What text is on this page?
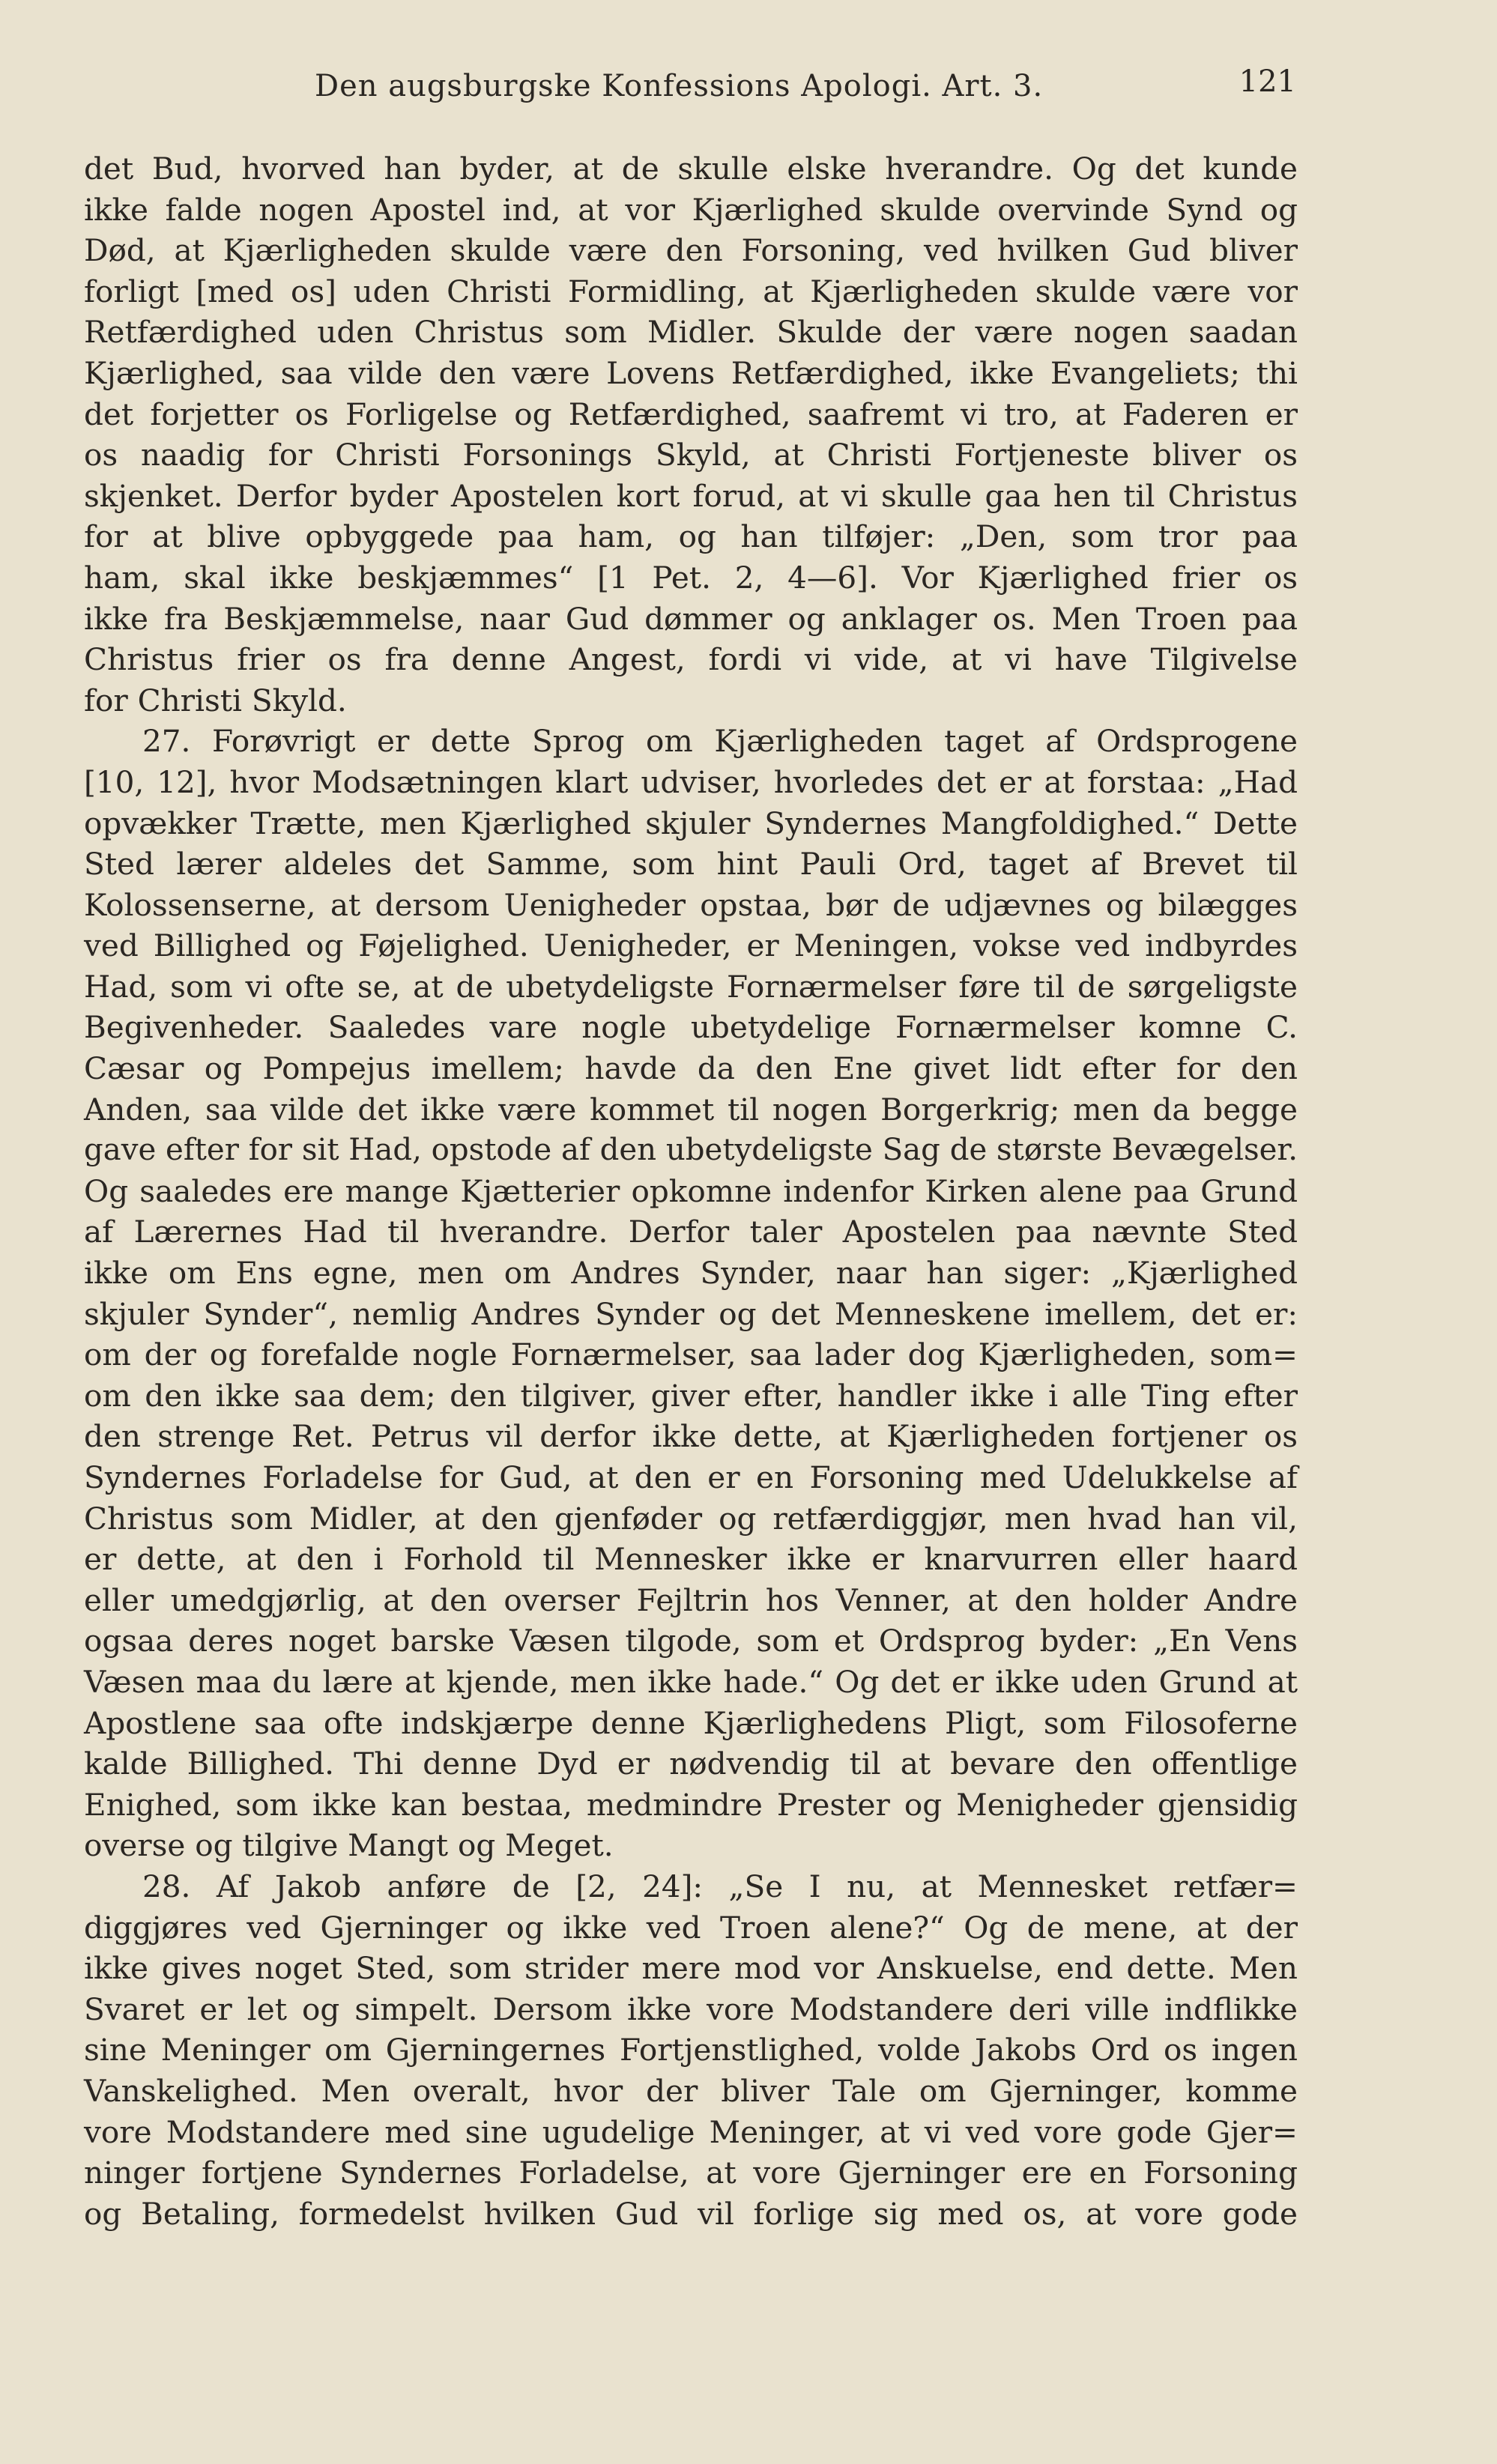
Den augsburgske Konfessions Apologi. Art. 3.	121
det Bud, hvorved han byder, at de skulle elske hverandre. Og det kunde
ikke falde nogen Apostel ind, at vor Kjærlighed skulde overvinde Synd og
Død, at Kjærligheden skulde være den Forsoning, ved hvilken Gud bliver
forligt [med os] uden Christi Formidling, at Kjærligheden skulde være vor
Retfærdighed uden Christus som Midler. Skulde der være nogen saadan
Kjærlighed, saa vilde den være Lovens Retfærdighed, ikke Evangeliets; thi
det forjetter os Forligelse og Retfærdighed, saafremt vi tro, at Faderen er
os naadig for Christi Forsonings Skyld, at Christi Fortjeneste bliver os
skjenket. Derfor byder Apostelen kort forud, at vi skulle gaa hen til Christus
for at blive opbyggede paa ham, og han tilføjer: „Den, som tror paa
ham, skal ikke beskjæmmes“ [1 Pet. 2, 4—6]. Vor Kjærlighed frier os
ikke fra Beskjæmmelse, naar Gud dømmer og anklager os. Men Troen paa
Christus frier os fra denne Angest, fordi vi vide, at vi have Tilgivelse
for Christi Skyld.
27. Forøvrigt er dette Sprog om Kjærligheden taget af Ordsprogene
[10, 12], hvor Modsætningen klart udviser, hvorledes det er at forstaa: „Had
opvækker Trætte, men Kjærlighed skjuler Syndernes Mangfoldighed.“ Dette
Sted lærer aldeles det Samme, som hint Pauli Ord, taget af Brevet til
Kolossenserne, at dersom Uenigheder opstaa, bør de udjævnes og bilægges
ved Billighed og Føjelighed. Uenigheder, er Meningen, vokse ved indbyrdes
Had, som vi ofte se, at de ubetydeligste Fornærmelser føre til de sørgeligste
Begivenheder. Saaledes vare nogle ubetydelige Fornærmelser komne C.
Cæsar og Pompejus imellem; havde da den Ene givet lidt efter for den
Anden, saa vilde det ikke være kommet til nogen Borgerkrig; men da begge
gave efter for sit Had, opstode af den ubetydeligste Sag de største Bevægelser.
Og saaledes ere mange Kjætterier opkomne indenfor Kirken alene paa Grund
af Lærernes Had til hverandre. Derfor taler Apostelen paa nævnte Sted
ikke om Ens egne, men om Andres Synder, naar han siger: „Kjærlighed
skjuler Synder“, nemlig Andres Synder og det Menneskene imellem, det er:
om der og forefalde nogle Fornærmelser, saa lader dog Kjærligheden, som=
om den ikke saa dem; den tilgiver, giver efter, handler ikke i alle Ting efter
den strenge Ret. Petrus vil derfor ikke dette, at Kjærligheden fortjener os
Syndernes Forladelse for Gud, at den er en Forsoning med Udelukkelse af
Christus som Midler, at den gjenføder og retfærdiggjør, men hvad han vil,
er dette, at den i Forhold til Mennesker ikke er knarvurren eller haard
eller umedgjørlig, at den overser Fejltrin hos Venner, at den holder Andre
ogsaa deres noget barske Væsen tilgode, som et Ordsprog byder: „En Vens
Væsen maa du lære at kjende, men ikke hade.“ Og det er ikke uden Grund at
Apostlene saa ofte indskjærpe denne Kjærlighedens Pligt, som Filosoferne
kalde Billighed. Thi denne Dyd er nødvendig til at bevare den offentlige
Enighed, som ikke kan bestaa, medmindre Prester og Menigheder gjensidig
overse og tilgive Mangt og Meget.
28. Af Jakob anføre de [2, 24]: „Se I nu, at Mennesket retfær=
diggjøres ved Gjerninger og ikke ved Troen alene?“ Og de mene, at der
ikke gives noget Sted, som strider mere mod vor Anskuelse, end dette. Men
Svaret er let og simpelt. Dersom ikke vore Modstandere deri ville indflikke
sine Meninger om Gjerningernes Fortjenstlighed, volde Jakobs Ord os ingen
Vanskelighed. Men overalt, hvor der bliver Tale om Gjerninger, komme
vore Modstandere med sine ugudelige Meninger, at vi ved vore gode Gjer=
ninger fortjene Syndernes Forladelse, at vore Gjerninger ere en Forsoning
og Betaling, formedelst hvilken Gud vil forlige sig med os, at vore gode
